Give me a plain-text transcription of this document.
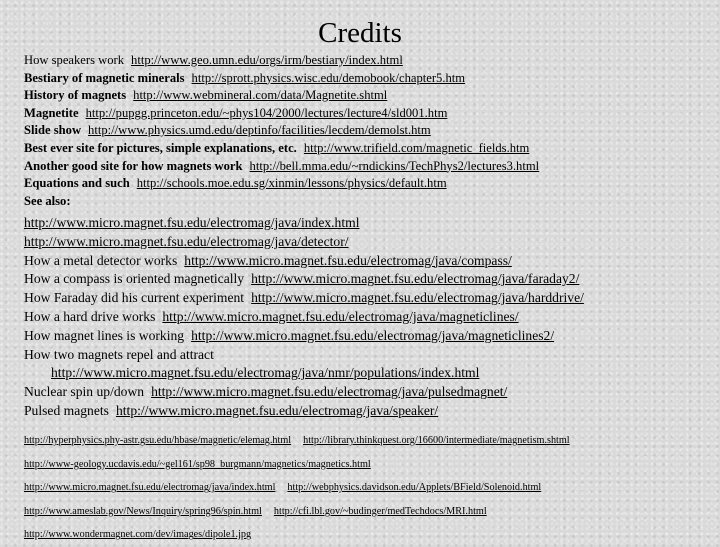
Credits
How speakers work http://www.geo.umn.edu/orgs/irm/bestiary/index.html
Bestiary of magnetic minerals http://sprott.physics.wisc.edu/demobook/chapter5.htm
History of magnets http://www.webmineral.com/data/Magnetite.shtml
Magnetite http://pupgg.princeton.edu/~phys104/2000/lectures/lecture4/sld001.htm
Slide show http://www.physics.umd.edu/deptinfo/facilities/lecdem/demolst.htm
Best ever site for pictures, simple explanations, etc. http://www.trifield.com/magnetic_fields.htm
Another good site for how magnets work http://bell.mma.edu/~rndickins/TechPhys2/lectures3.html
Equations and such http://schools.moe.edu.sg/xinmin/lessons/physics/default.htm
See also:
http://www.micro.magnet.fsu.edu/electromag/java/index.html
http://www.micro.magnet.fsu.edu/electromag/java/detector/
How a metal detector works http://www.micro.magnet.fsu.edu/electromag/java/compass/
How a compass is oriented magnetically http://www.micro.magnet.fsu.edu/electromag/java/faraday2/
How Faraday did his current experiment http://www.micro.magnet.fsu.edu/electromag/java/harddrive/
How a hard drive works http://www.micro.magnet.fsu.edu/electromag/java/magneticlines/
How magnet lines is working http://www.micro.magnet.fsu.edu/electromag/java/magneticlines2/
How two magnets repel and attract
http://www.micro.magnet.fsu.edu/electromag/java/nmr/populations/index.html
Nuclear spin up/down http://www.micro.magnet.fsu.edu/electromag/java/pulsedmagnet/
Pulsed magnets http://www.micro.magnet.fsu.edu/electromag/java/speaker/
http://hyperphysics.phy-astr.gsu.edu/hbase/magnetic/elemag.html http://library.thinkquest.org/16600/intermediate/magnetism.shtml
http://www-geology.ucdavis.edu/~gel161/sp98_burgmann/magnetics/magnetics.html
http://www.micro.magnet.fsu.edu/electromag/java/index.html http://webphysics.davidson.edu/Applets/BField/Solenoid.html
http://www.ameslab.gov/News/Inquiry/spring96/spin.html http://cfi.lbl.gov/~budinger/medTechdocs/MRI.html
http://www.wondermagnet.com/dev/images/dipole1.jpg
